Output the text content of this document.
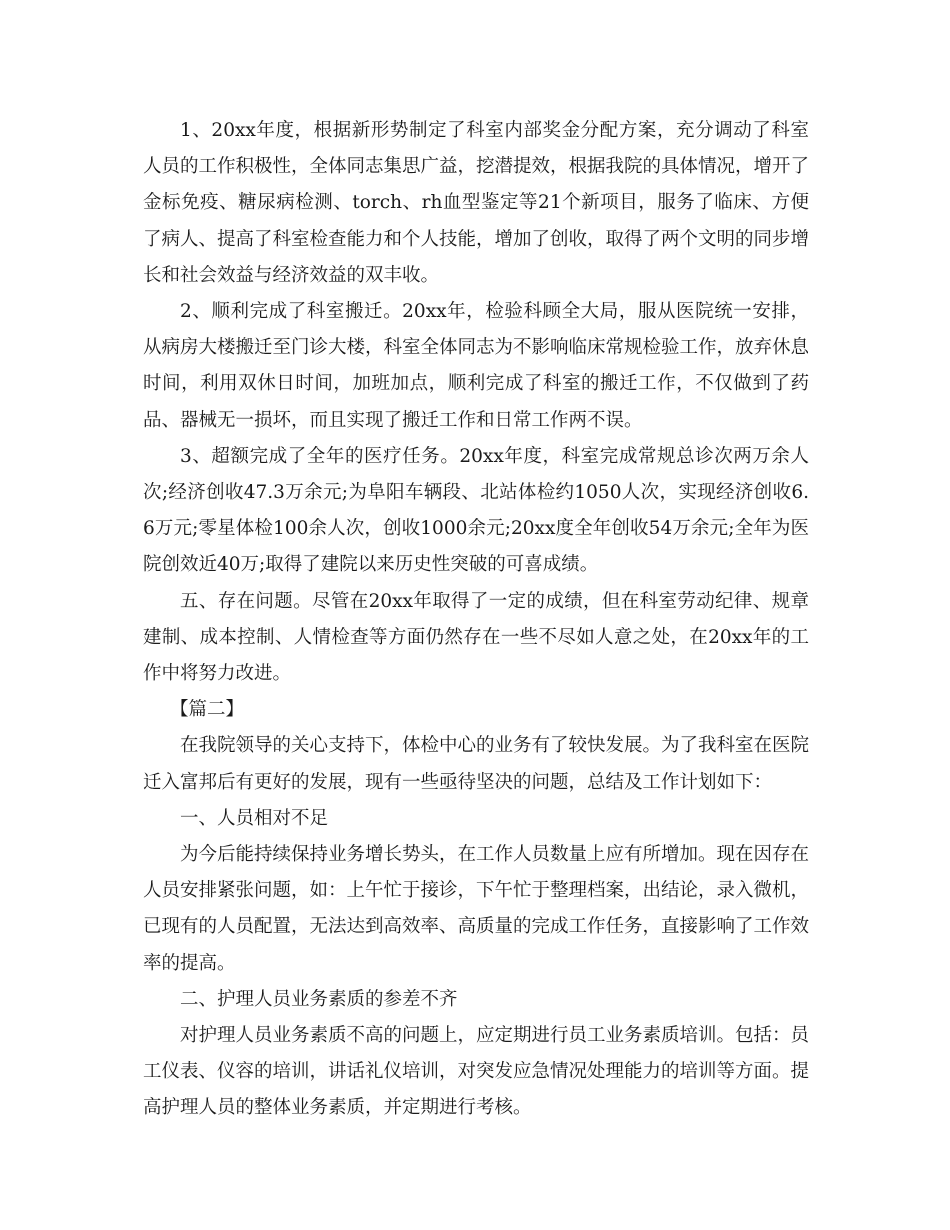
1、20xx年度，根据新形势制定了科室内部奖金分配方案，充分调动了科室人员的工作积极性，全体同志集思广益，挖潜提效，根据我院的具体情况，增开了金标免疫、糖尿病检测、torch、rh血型鉴定等21个新项目，服务了临床、方便了病人、提高了科室检查能力和个人技能，增加了创收，取得了两个文明的同步增长和社会效益与经济效益的双丰收。

2、顺利完成了科室搬迁。20xx年，检验科顾全大局，服从医院统一安排，从病房大楼搬迁至门诊大楼，科室全体同志为不影响临床常规检验工作，放弃休息时间，利用双休日时间，加班加点，顺利完成了科室的搬迁工作，不仅做到了药品、器械无一损坏，而且实现了搬迁工作和日常工作两不误。

3、超额完成了全年的医疗任务。20xx年度，科室完成常规总诊次两万余人次;经济创收47.3万余元;为阜阳车辆段、北站体检约1050人次，实现经济创收6.6万元;零星体检100余人次，创收1000余元;20xx度全年创收54万余元;全年为医院创效近40万;取得了建院以来历史性突破的可喜成绩。

五、存在问题。尽管在20xx年取得了一定的成绩，但在科室劳动纪律、规章建制、成本控制、人情检查等方面仍然存在一些不尽如人意之处，在20xx年的工作中将努力改进。

【篇二】

在我院领导的关心支持下，体检中心的业务有了较快发展。为了我科室在医院迁入富邦后有更好的发展，现有一些亟待坚决的问题，总结及工作计划如下：

一、人员相对不足

为今后能持续保持业务增长势头，在工作人员数量上应有所增加。现在因存在人员安排紧张问题，如：上午忙于接诊，下午忙于整理档案，出结论，录入微机，已现有的人员配置，无法达到高效率、高质量的完成工作任务，直接影响了工作效率的提高。

二、护理人员业务素质的参差不齐

对护理人员业务素质不高的问题上，应定期进行员工业务素质培训。包括：员工仪表、仪容的培训，讲话礼仪培训，对突发应急情况处理能力的培训等方面。提高护理人员的整体业务素质，并定期进行考核。
